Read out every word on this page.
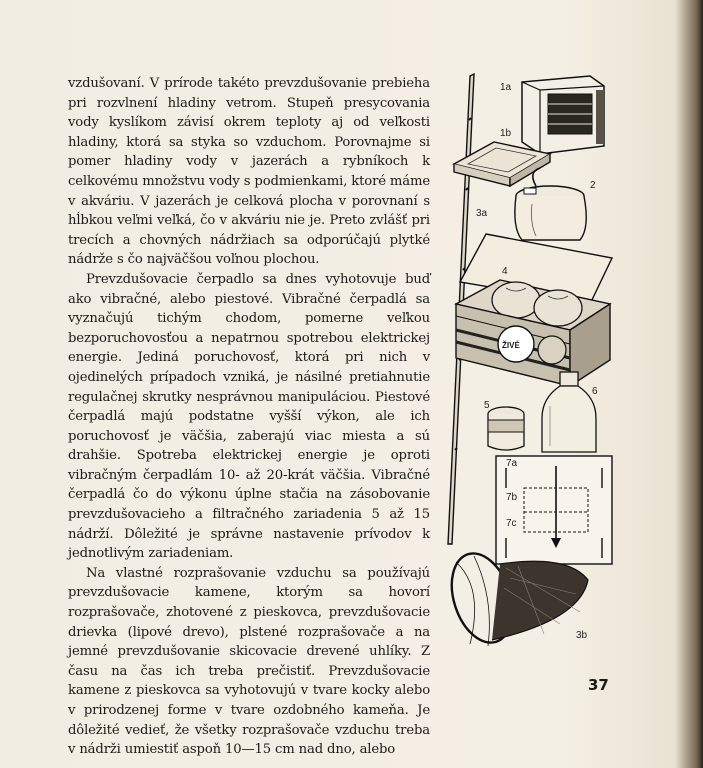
vzdušovaní. V prírode takéto prevzdušovanie prebieha pri rozvlnení hladiny vetrom. Stupeň presycovania vody kyslíkom závisí okrem teploty aj od veľkosti hladiny, ktorá sa styka so vzduchom. Porovnajme si pomer hladiny vody v jazerách a rybníkoch k celkovému množstvu vody s podmienkami, ktoré máme v akváriu. V jazerách je celková plocha v porovnaní s hĺbkou veľmi veľká, čo v akváriu nie je. Preto zvlášť pri trecích a chovných nádržiach sa odporúčajú plytké nádrže s čo najväčšou voľnou plochou.

Prevzdušovacie čerpadlo sa dnes vyhotovuje buď ako vibračné, alebo piestové. Vibračné čerpadlá sa vyznačujú tichým chodom, pomerne veľkou bezporuchovosťou a nepatrnou spotrebou elektrickej energie. Jediná poruchovosť, ktorá pri nich v ojedinelých prípadoch vzniká, je násilné pretiahnutie regulačnej skrutky nesprávnou manipuláciou. Piestové čerpadlá majú podstatne vyšší výkon, ale ich poruchovosť je väčšia, zaberajú viac miesta a sú drahšie. Spotreba elektrickej energie je oproti vibračným čerpadlám 10- až 20-krát väčšia. Vibračné čerpadlá čo do výkonu úplne stačia na zásobovanie prevzdušovacieho a filtračného zariadenia 5 až 15 nádrží. Dôležité je správne nastavenie prívodov k jednotlivým zariadeniam.

Na vlastné rozprašovanie vzduchu sa používajú prevzdušovacie kamene, ktorým sa hovorí rozprašovače, zhotovené z pieskovca, prevzdušovacie drievka (lipové drevo), plstené rozprašovače a na jemné prevzdušovanie skicovacie drevené uhlíky. Z času na čas ich treba prečistiť. Prevzdušovacie kamene z pieskovca sa vyhotovujú v tvare kocky alebo v prirodzenej forme v tvare ozdobného kameňa. Je dôležité vedieť, že všetky rozprašovače vzduchu treba v nádrži umiestiť aspoň 10—15 cm nad dno, alebo

ŽIVÉ
1a
1b
2
3a
4
5
6
7a
7b
7c
3b
37
